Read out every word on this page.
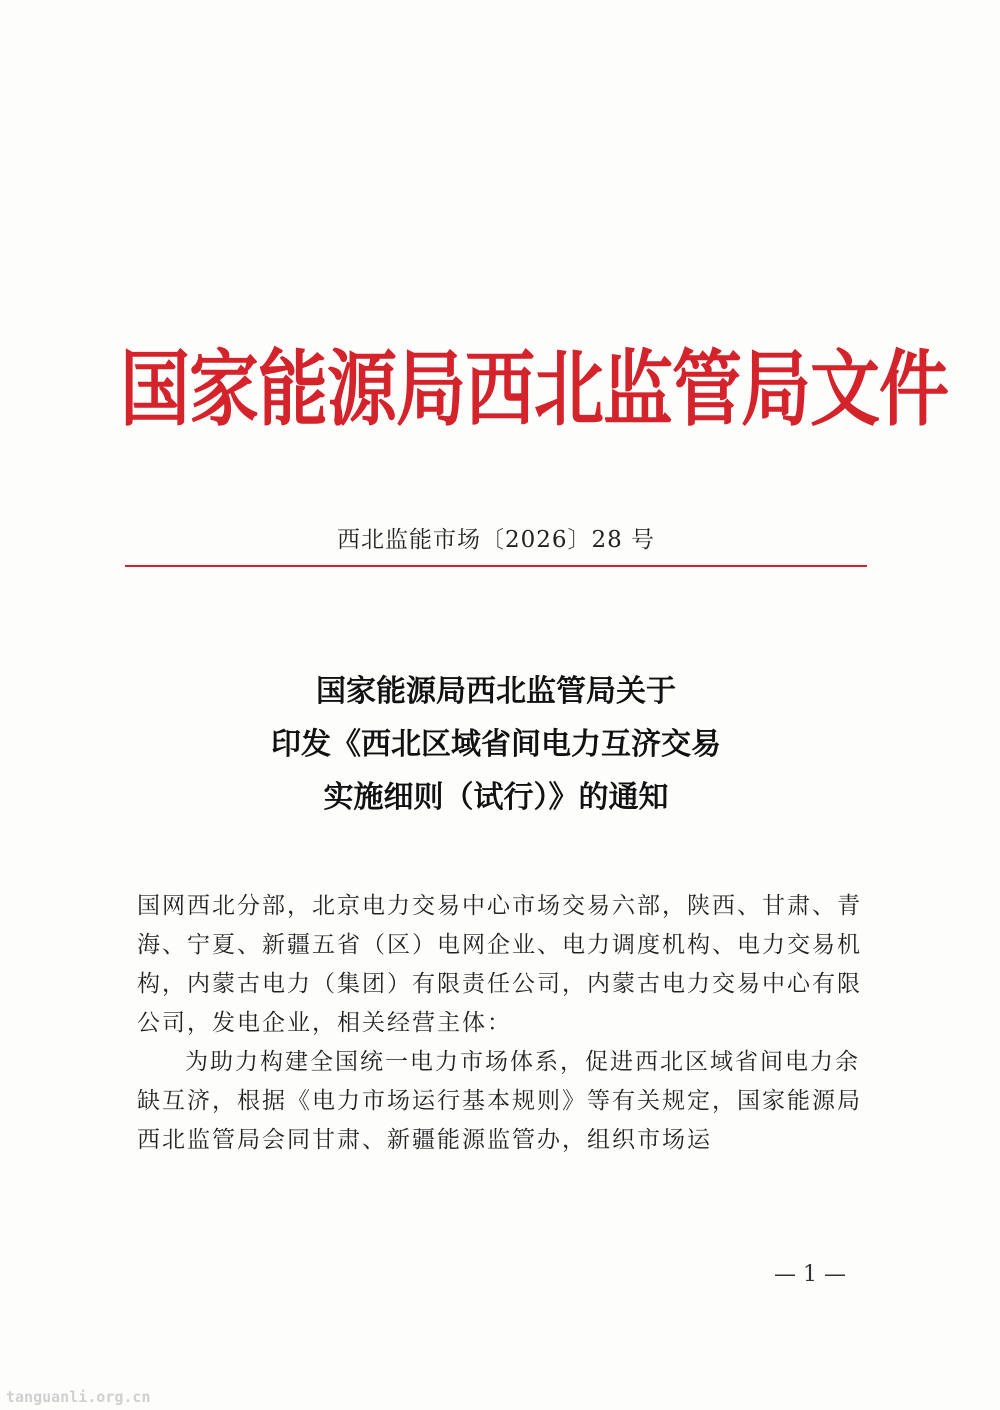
国家能源局西北监管局文件
西北监能市场〔2026〕28 号
国家能源局西北监管局关于
印发《西北区域省间电力互济交易
实施细则（试行）》的通知

国网西北分部，北京电力交易中心市场交易六部，陕西、甘肃、青海、宁夏、新疆五省（区）电网企业、电力调度机构、电力交易机构，内蒙古电力（集团）有限责任公司，内蒙古电力交易中心有限公司，发电企业，相关经营主体：

为助力构建全国统一电力市场体系，促进西北区域省间电力余缺互济，根据《电力市场运行基本规则》等有关规定，国家能源局西北监管局会同甘肃、新疆能源监管办，组织市场运

— 1 —
tanguanli.org.cn
